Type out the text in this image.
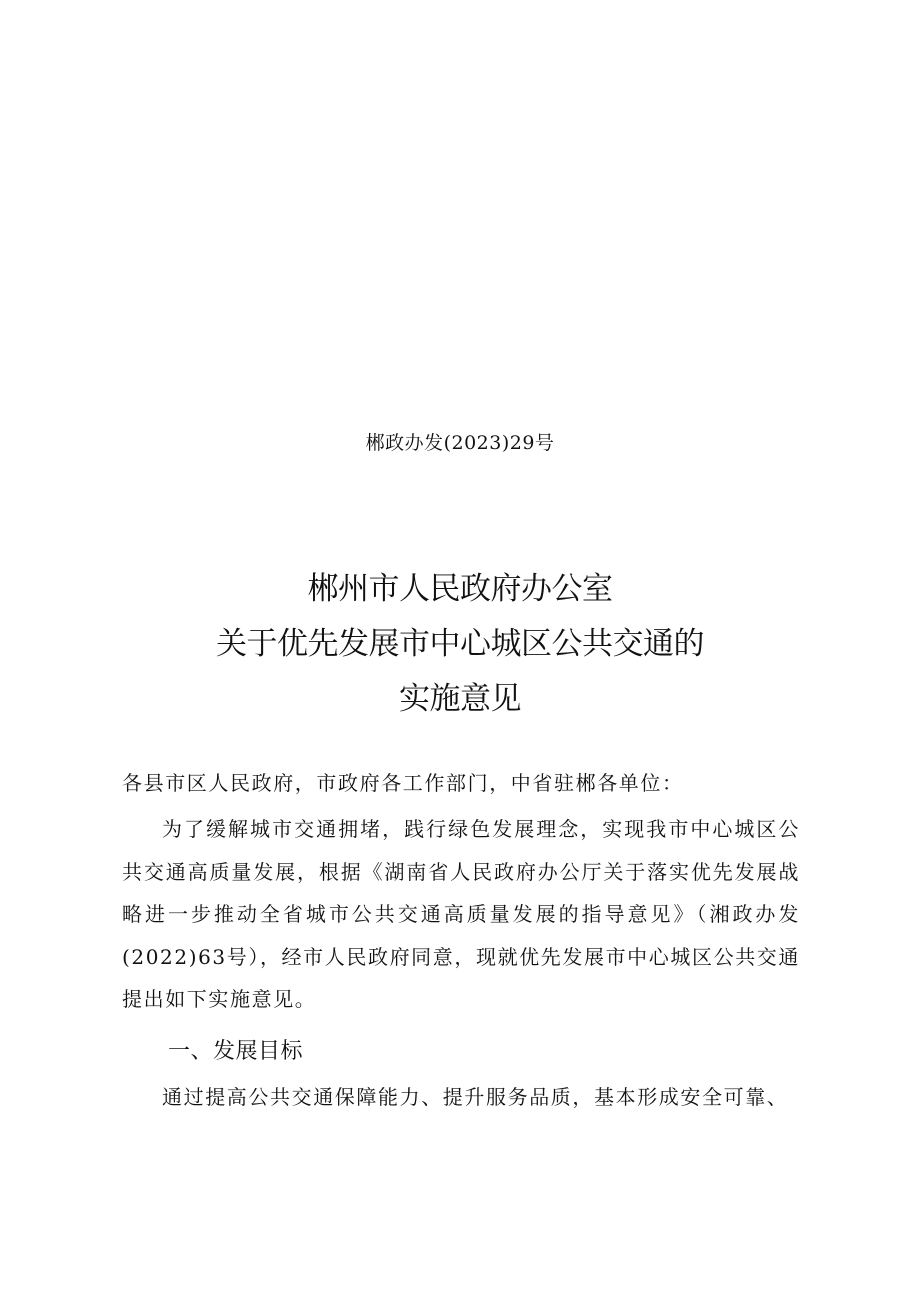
郴政办发(2023)29号
郴州市人民政府办公室
关于优先发展市中心城区公共交通的
实施意见
各县市区人民政府，市政府各工作部门，中省驻郴各单位：
为了缓解城市交通拥堵，践行绿色发展理念，实现我市中心城区公共交通高质量发展，根据《湖南省人民政府办公厅关于落实优先发展战略进一步推动全省城市公共交通高质量发展的指导意见》（湘政办发(2022)63号），经市人民政府同意，现就优先发展市中心城区公共交通提出如下实施意见。
一、发展目标
通过提高公共交通保障能力、提升服务品质，基本形成安全可靠、
